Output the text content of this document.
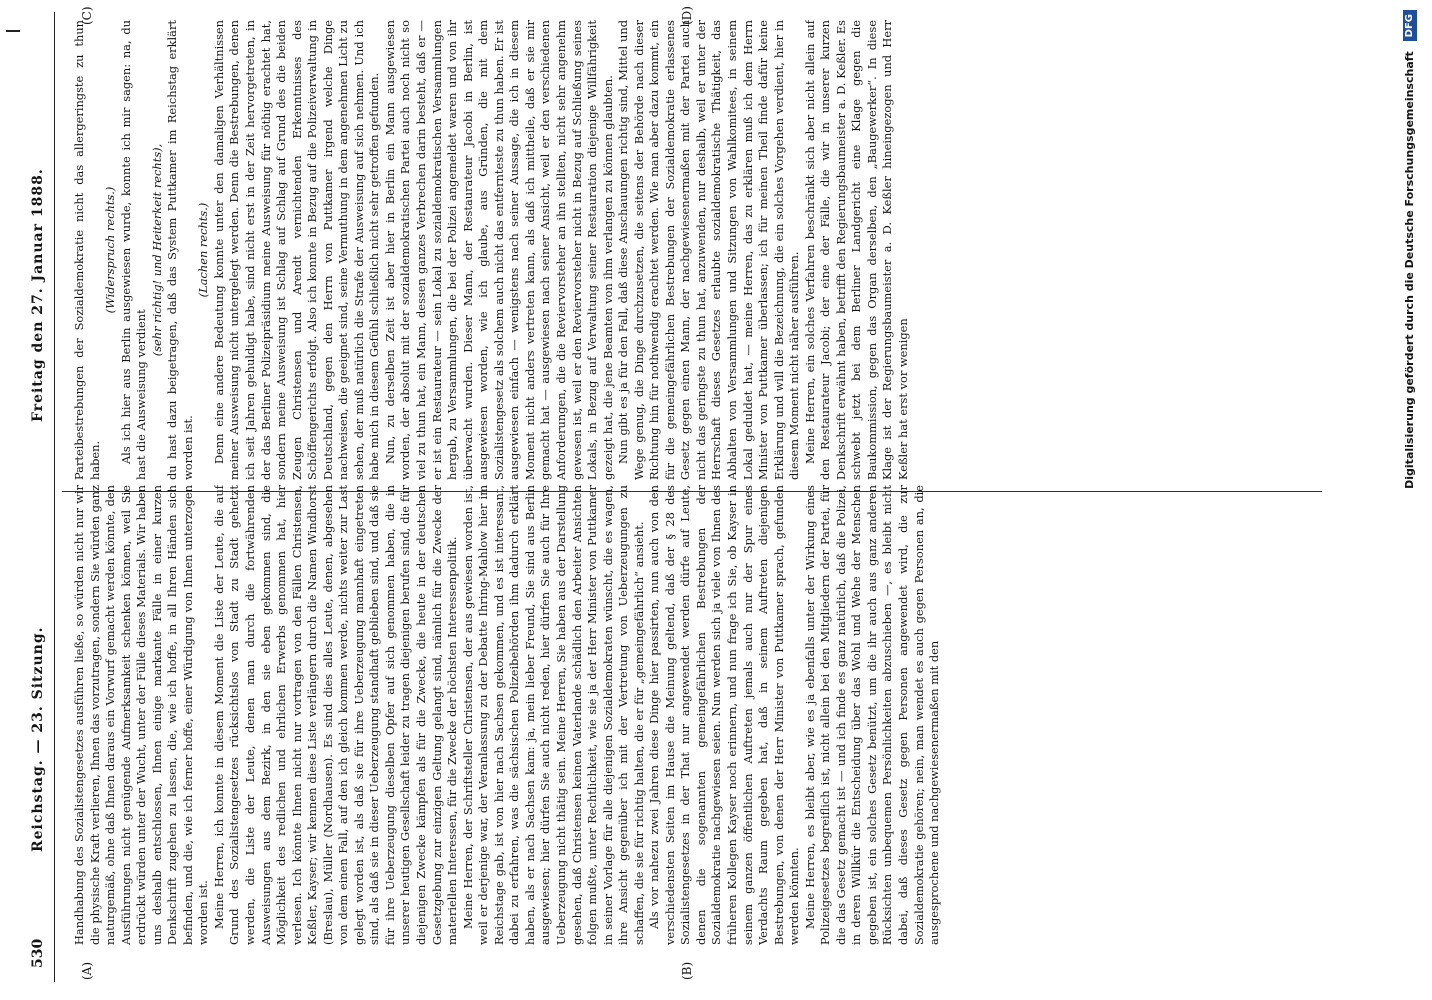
530
Reichstag. — 23. Sitzung.
Freitag den 27. Januar 1888.
(A)	(B)
(C)	(D)

Handhabung des Sozialistengesetzes ausführen ließe, so würden nicht nur wir die physische Kraft verlieren, Ihnen das vorzutragen, sondern Sie würden ganz naturgemäß, ohne daß Ihnen daraus ein Vorwurf gemacht werden könnte, den Ausführungen nicht genügende Aufmerksamkeit schenken können, weil Sie erdrückt würden unter der Wucht, unter der Fülle dieses Materials. Wir haben uns deshalb entschlossen, Ihnen einige markante Fälle in einer kurzen Denkschrift zugehen zu lassen, die, wie ich hoffe, in all Ihren Händen sich befinden, und die, wie ich ferner hoffe, einer Würdigung von Ihnen unterzogen worden ist. Meine Herren, ich konnte in diesem Moment die Liste der Leute, die auf Grund des Sozialistengesetzes rücksichtslos von Stadt zu Stadt gehetzt werden, die Liste der Leute, denen man durch die fortwährenden Ausweisungen aus dem Bezirk, in den sie eben gekommen sind, die Möglichkeit des redlichen und ehrlichen Erwerbs genommen hat, hier verlesen. Ich könnte Ihnen nicht nur vortragen von den Fällen Christensen, Keßler, Kayser; wir kennen diese Liste verlängern durch die Namen Windhorst (Breslau), Müller (Nordhausen). Es sind dies alles Leute, denen, abgesehen von dem einen Fall, auf den ich gleich kommen werde, nichts weiter zur Last gelegt worden ist, als daß sie für ihre Ueberzeugung mannhaft eingetreten sind, als daß sie in dieser Ueberzeugung standhaft geblieben sind, und daß sie für ihre Ueberzeugung dieselben Opfer auf sich genommen haben, die in unserer heutigen Gesellschaft leider zu tragen diejenigen berufen sind, die für diejenigen Zwecke kämpfen als für die Zwecke, die heute in der deutschen Gesetzgebung zur einzigen Geltung gelangt sind, nämlich für die Zwecke der materiellen Interessen, für die Zwecke der höchsten Interessenpolitik. Meine Herren, der Schriftsteller Christensen, der aus gewiesen worden ist, weil er derjenige war, der Veranlassung zu der Debatte Ihring-Mahlow hier im Reichstage gab, ist von hier nach Sachsen gekommen, und es ist interessant, dabei zu erfahren, was die sächsischen Polizeibehörden ihm dadurch erklärt haben, als er nach Sachsen kam: ja, mein lieber Freund, Sie sind aus Berlin ausgewiesen; hier dürfen Sie auch nicht reden, hier dürfen Sie auch für Ihre Ueberzeugung nicht thätig sein. Meine Herren, Sie haben aus der Darstellung gesehen, daß Christensen keinen Vaterlande schädlich den Arbeiter Ansichten folgen mußte, unter Rechtlichkeit, wie sie ja der Herr Minister von Puttkamer in seiner Vorlage für alle diejenigen Sozialdemokraten wünscht, die es wagen, ihre Ansicht gegenüber ich mit der Vertretung von Ueberzeugungen zu schaffen, die sie für richtig halten, die er für „gemeingefährlich“ ansieht. Als vor nahezu zwei Jahren diese Dinge hier passirten, nun auch von den verschiedensten Seiten im Hause die Meinung geltend, daß der § 28 des Sozialistengesetzes in der That nur angewendet werden dürfe auf Leute, denen die sogenannten gemeingefährlichen Bestrebungen der Sozialdemokratie nachgewiesen seien. Nun werden sich ja viele von Ihnen des früheren Kollegen Kayser noch erinnern, und nun frage ich Sie, ob Kayser in seinem ganzen öffentlichen Auftreten jemals auch nur der Spur eines Verdachts Raum gegeben hat, daß in seinem Auftreten diejenigen Bestrebungen, von denen der Herr Minister von Puttkamer sprach, gefunden werden könnten. Meine Herren, es bleibt aber, wie es ja ebenfalls unter der Wirkung eines Polizeigesetzes begreiflich ist, nicht allein bei den Mitgliedern der Partei, für die das Gesetz gemacht ist — und ich finde es ganz natürlich, daß die Polizei, in deren Willkür die Entscheidung über das Wohl und Wehe der Menschen gegeben ist, ein solches Gesetz benützt, um die ihr auch aus ganz anderen Rücksichten unbequemen Persönlichkeiten abzuschieben —, es bleibt nicht dabei, daß dieses Gesetz gegen Personen angewendet wird, die zur Sozialdemokratie gehören; nein, man wendet es auch gegen Personen an, die ausgesprochene und nachgewiesenermaßen mit den

Parteibestrebungen der Sozialdemokratie nicht das allergeringste zu thun haben.

(Widerspruch rechts.) Als ich hier aus Berlin ausgewiesen wurde, konnte ich mir sagen: na, du hast die Ausweisung verdient

(sehr richtig! und Heiterkeit rechts), du hast dazu beigetragen, daß das System Puttkamer im Reichstag erklärt worden ist.

(Lachen rechts.) Denn eine andere Bedeutung konnte unter den damaligen Verhältnissen meiner Ausweisung nicht untergelegt werden. Denn die Bestrebungen, denen ich seit Jahren gehuldigt habe, sind nicht erst in der Zeit hervorgetreten, in der das Berliner Polizeipräsidium meine Ausweisung für nöthig erachtet hat, sondern meine Ausweisung ist Schlag auf Schlag auf Grund des die beiden Zeugen Christensen und Arendt vernichtenden Erkenntnisses des Schöffengerichts erfolgt. Also ich konnte in Bezug auf die Polizeiverwaltung in Deutschland, gegen den Herrn von Puttkamer irgend welche Dinge nachweisen, die geeignet sind, seine Vermuthung in dem angenehmen Licht zu sehen, der muß natürlich die Strafe der Ausweisung auf sich nehmen. Und ich habe mich in diesem Gefühl schließlich nicht sehr getroffen gefunden. Nun, zu derselben Zeit ist aber hier in Berlin ein Mann ausgewiesen worden, der absolut mit der sozialdemokratischen Partei auch noch nicht so viel zu thun hat, ein Mann, dessen ganzes Verbrechen darin besteht, daß er — er ist ein Restaurateur — sein Lokal zu sozialdemokratischen Versammlungen hergab, zu Versammlungen, die bei der Polizei angemeldet waren und von ihr überwacht wurden. Dieser Mann, der Restaurateur Jacobi in Berlin, ist ausgewiesen worden, wie ich glaube, aus Gründen, die mit dem Sozialistengesetz als solchem auch nicht das entfernteste zu thun haben. Er ist ausgewiesen einfach — wenigstens nach seiner Aussage, die ich in diesem Moment nicht anders vertreten kann, als daß ich mittheile, daß er sie mir gemacht hat — ausgewiesen nach seiner Ansicht, weil er den verschiedenen Anforderungen, die die Reviervorsteher an ihn stellten, nicht sehr angenehm gewesen ist, weil er den Reviervorsteher nicht in Bezug auf Schließung seines Lokals, in Bezug auf Verwaltung seiner Restauration diejenige Willfährigkeit gezeigt hat, die jene Beamten von ihm verlangen zu können glaubten. Nun gibt es ja für den Fall, daß diese Anschauungen richtig sind, Mittel und Wege genug, die Dinge durchzusetzen, die seitens der Behörde nach dieser Richtung hin für nothwendig erachtet werden. Wie man aber dazu kommt, ein für die gemeingefährlichen Bestrebungen der Sozialdemokratie erlassenes Gesetz gegen einen Mann, der nachgewiesenermaßen mit der Partei auch nicht das geringste zu thun hat, anzuwenden, nur deshalb, weil er unter der Herrschaft dieses Gesetzes erlaubte sozialdemokratische Thätigkeit, das Abhalten von Versammlungen und Sitzungen von Wahlkomitees, in seinem Lokal geduldet hat, — meine Herren, das zu erklären muß ich dem Herrn Minister von Puttkamer überlassen; ich für meinen Theil finde dafür keine Erklärung und will die Bezeichnung, die ein solches Vorgehen verdient, hier in diesem Moment nicht näher ausführen. Meine Herren, ein solches Verfahren beschränkt sich aber nicht allein auf den Restaurateur Jacobi; der eine der Fälle, die wir in unserer kurzen Denkschrift erwähnt haben, betrifft den Regierungsbaumeister a. D. Keßler. Es schwebt jetzt bei dem Berliner Landgericht eine Klage gegen die Baukommission, gegen das Organ derselben, den „Baugewerker“. In diese Klage ist der Regierungsbaumeister a. D. Keßler hineingezogen und Herr Keßler hat erst vor wenigen	Digitalisierung gefördert durch die Deutsche Forschungsgemeinschaft DFG
